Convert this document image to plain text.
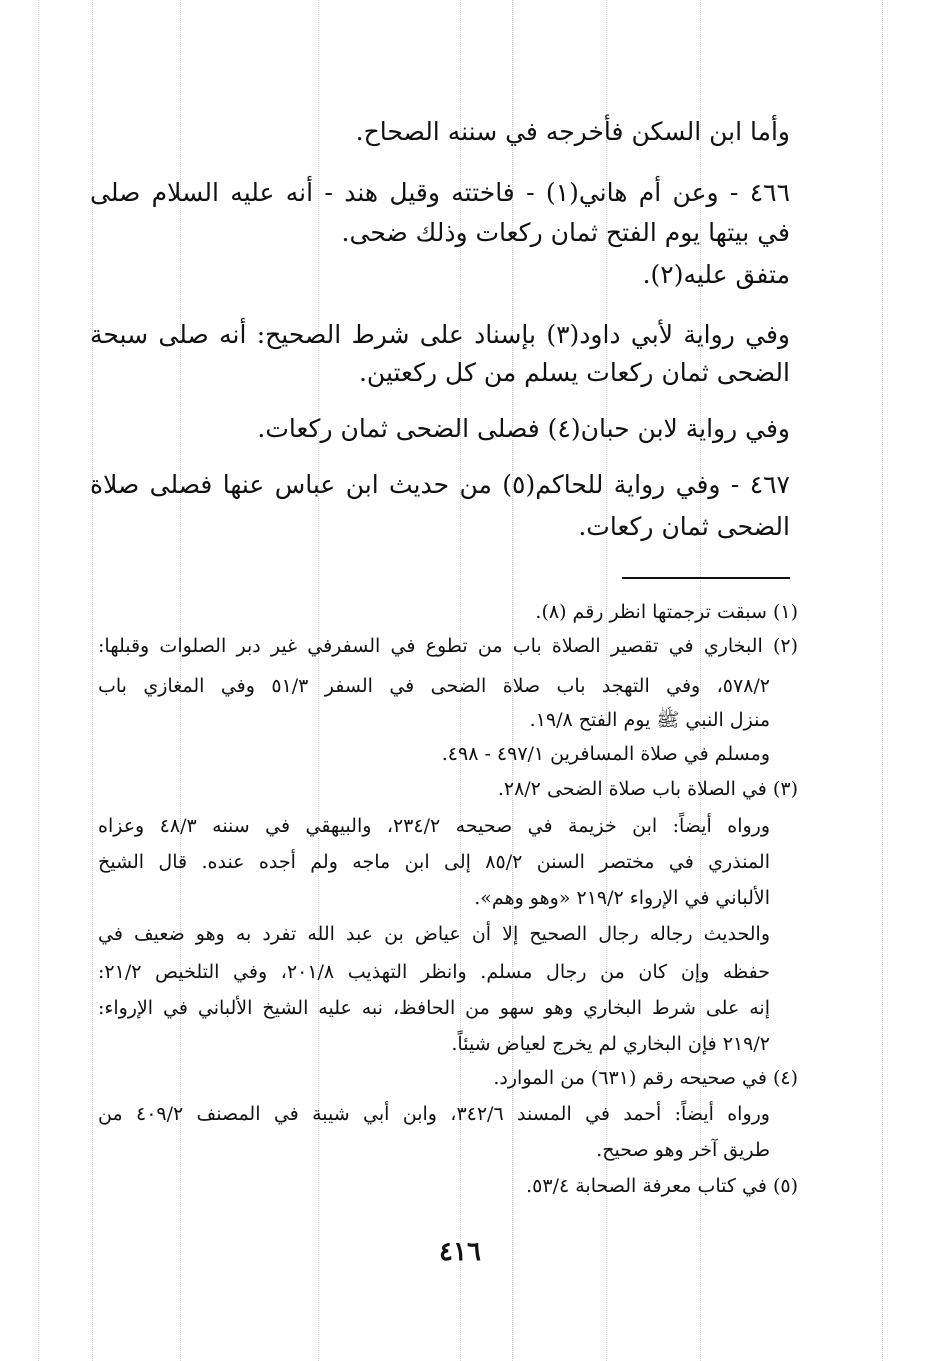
وأما ابن السكن فأخرجه في سننه الصحاح.
٤٦٦ - وعن أم هاني(١) - فاختته وقيل هند - أنه عليه السلام صلى
في بيتها يوم الفتح ثمان ركعات وذلك ضحى.
متفق عليه(٢).
وفي رواية لأبي داود(٣) بإسناد على شرط الصحيح: أنه صلى سبحة
الضحى ثمان ركعات يسلم من كل ركعتين.
وفي رواية لابن حبان(٤) فصلى الضحى ثمان ركعات.
٤٦٧ - وفي رواية للحاكم(٥) من حديث ابن عباس عنها فصلى صلاة
الضحى ثمان ركعات.
(١) سبقت ترجمتها انظر رقم (٨).
(٢) البخاري في تقصير الصلاة باب من تطوع في السفرفي غير دبر الصلوات وقبلها:
٥٧٨/٢، وفي التهجد باب صلاة الضحى في السفر ٥١/٣ وفي المغازي باب
منزل النبي ﷺ يوم الفتح ١٩/٨.
ومسلم في صلاة المسافرين ٤٩٧/١ - ٤٩٨.
(٣) في الصلاة باب صلاة الضحى ٢٨/٢.
ورواه أيضاً: ابن خزيمة في صحيحه ٢٣٤/٢، والبيهقي في سننه ٤٨/٣ وعزاه
المنذري في مختصر السنن ٨٥/٢ إلى ابن ماجه ولم أجده عنده. قال الشيخ
الألباني في الإرواء ٢١٩/٢ «وهو وهم».
والحديث رجاله رجال الصحيح إلا أن عياض بن عبد الله تفرد به وهو ضعيف في
حفظه وإن كان من رجال مسلم. وانظر التهذيب ٢٠١/٨، وفي التلخيص ٢١/٢:
إنه على شرط البخاري وهو سهو من الحافظ، نبه عليه الشيخ الألباني في الإرواء:
٢١٩/٢ فإن البخاري لم يخرج لعياض شيئاً.
(٤) في صحيحه رقم (٦٣١) من الموارد.
ورواه أيضاً: أحمد في المسند ٣٤٢/٦، وابن أبي شيبة في المصنف ٤٠٩/٢ من
طريق آخر وهو صحيح.
(٥) في كتاب معرفة الصحابة ٥٣/٤.
٤١٦
